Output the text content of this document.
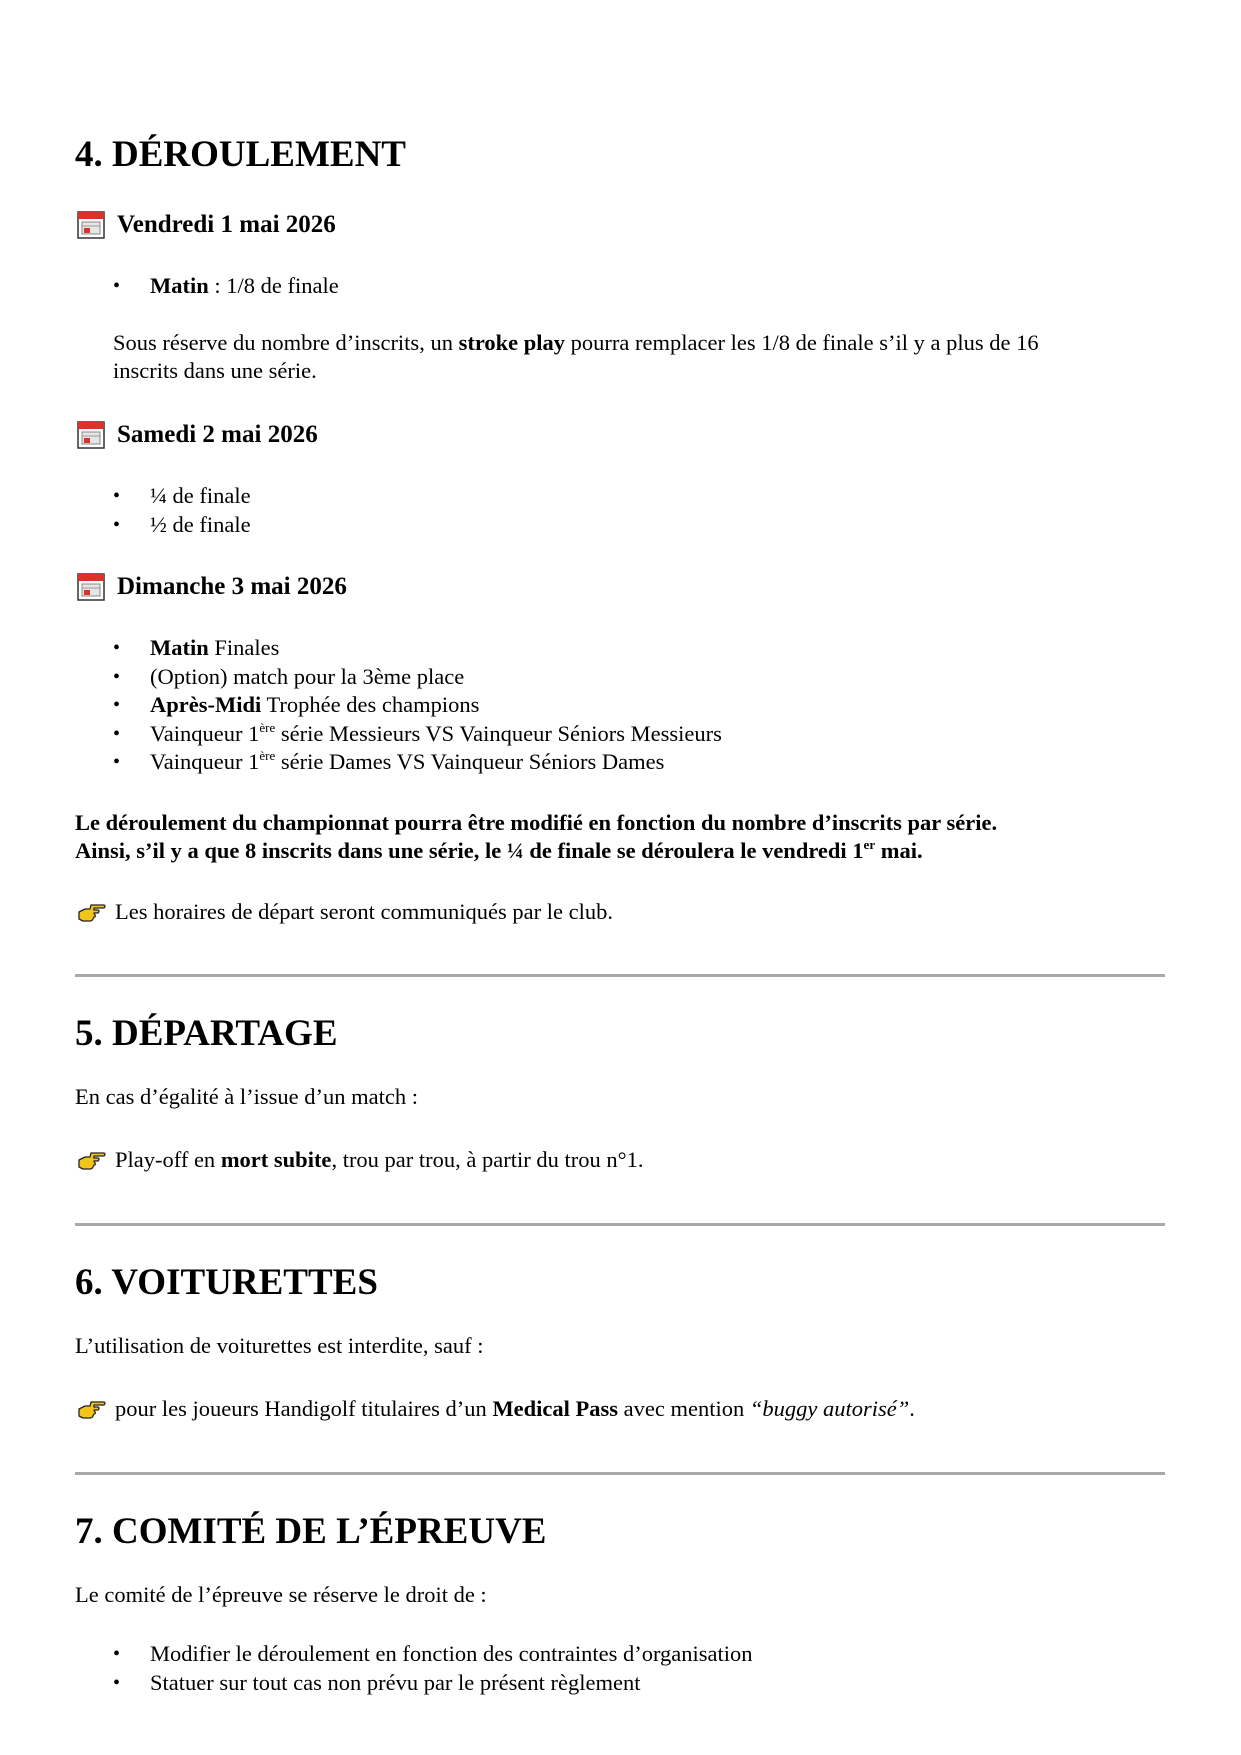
4. DÉROULEMENT
Vendredi 1 mai 2026
• Matin : 1/8 de finale
Sous réserve du nombre d’inscrits, un stroke play pourra remplacer les 1/8 de finale s’il y a plus de 16
inscrits dans une série.
Samedi 2 mai 2026
• ¼ de finale
• ½ de finale
Dimanche 3 mai 2026
• Matin Finales
• (Option) match pour la 3ème place
• Après-Midi Trophée des champions
• Vainqueur 1ère série Messieurs VS Vainqueur Séniors Messieurs
• Vainqueur 1ère série Dames VS Vainqueur Séniors Dames
Le déroulement du championnat pourra être modifié en fonction du nombre d’inscrits par série.
Ainsi, s’il y a que 8 inscrits dans une série, le ¼ de finale se déroulera le vendredi 1er mai.
Les horaires de départ seront communiqués par le club.
5. DÉPARTAGE
En cas d’égalité à l’issue d’un match :
Play-off en mort subite, trou par trou, à partir du trou n°1.
6. VOITURETTES
L’utilisation de voiturettes est interdite, sauf :
pour les joueurs Handigolf titulaires d’un Medical Pass avec mention “buggy autorisé”.
7. COMITÉ DE L’ÉPREUVE
Le comité de l’épreuve se réserve le droit de :
• Modifier le déroulement en fonction des contraintes d’organisation
• Statuer sur tout cas non prévu par le présent règlement
